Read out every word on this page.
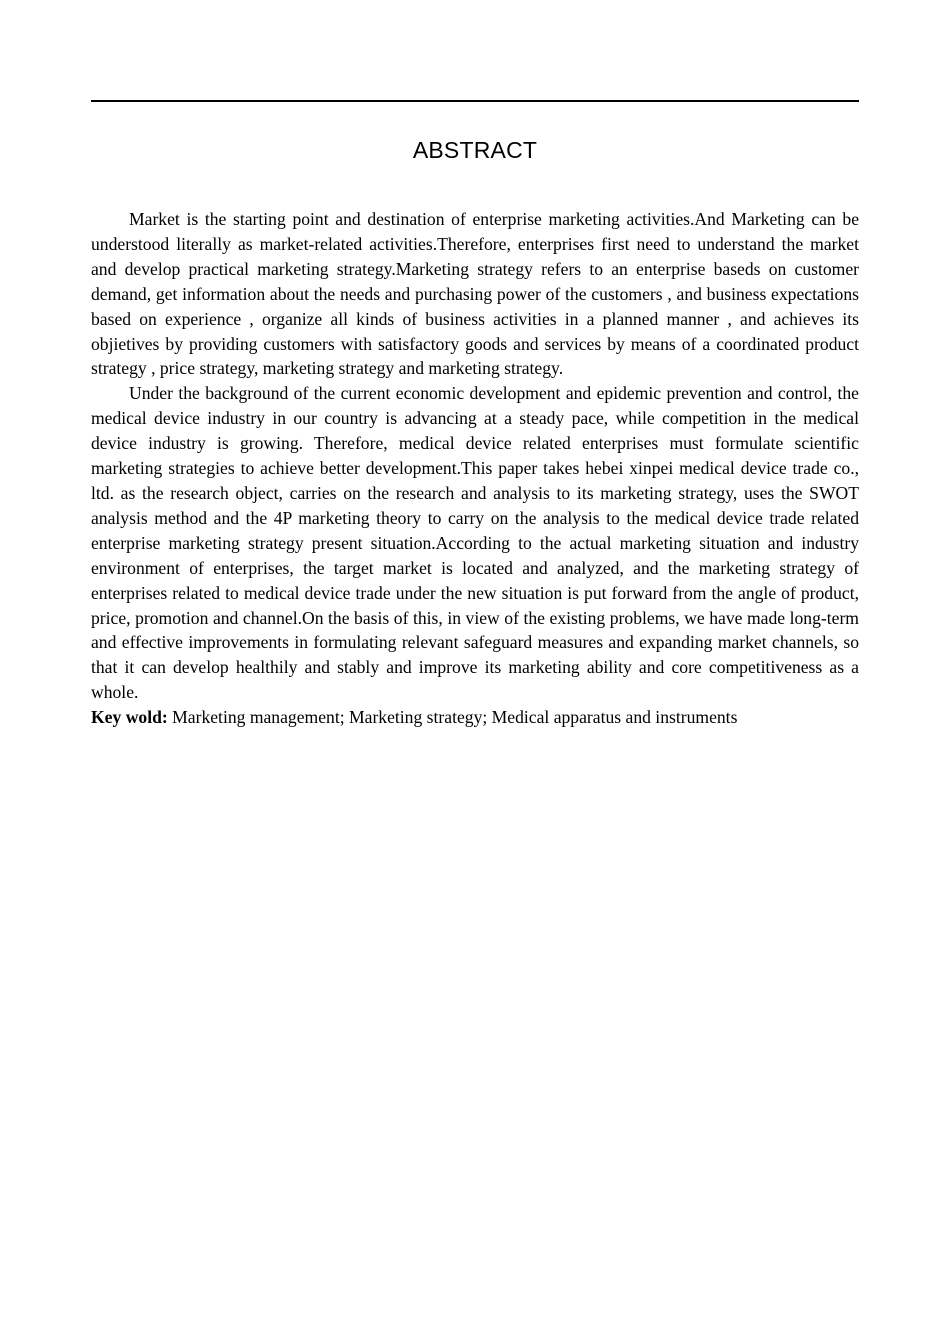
ABSTRACT

Market is the starting point and destination of enterprise marketing activities.And Marketing can be understood literally as market-related activities.Therefore, enterprises first need to understand the market and develop practical marketing strategy.Marketing strategy refers to an enterprise baseds on customer demand, get information about the needs and purchasing power of the customers , and business expectations based on experience , organize all kinds of business activities in a planned manner , and achieves its objietives by providing customers with satisfactory goods and services by means of a coordinated product strategy , price strategy, marketing strategy and marketing strategy.

Under the background of the current economic development and epidemic prevention and control, the medical device industry in our country is advancing at a steady pace, while competition in the medical device industry is growing. Therefore, medical device related enterprises must formulate scientific marketing strategies to achieve better development.This paper takes hebei xinpei medical device trade co., ltd. as the research object, carries on the research and analysis to its marketing strategy, uses the SWOT analysis method and the 4P marketing theory to carry on the analysis to the medical device trade related enterprise marketing strategy present situation.According to the actual marketing situation and industry environment of enterprises, the target market is located and analyzed, and the marketing strategy of enterprises related to medical device trade under the new situation is put forward from the angle of product, price, promotion and channel.On the basis of this, in view of the existing problems, we have made long-term and effective improvements in formulating relevant safeguard measures and expanding market channels, so that it can develop healthily and stably and improve its marketing ability and core competitiveness as a whole.

Key wold: Marketing management; Marketing strategy; Medical apparatus and instruments
